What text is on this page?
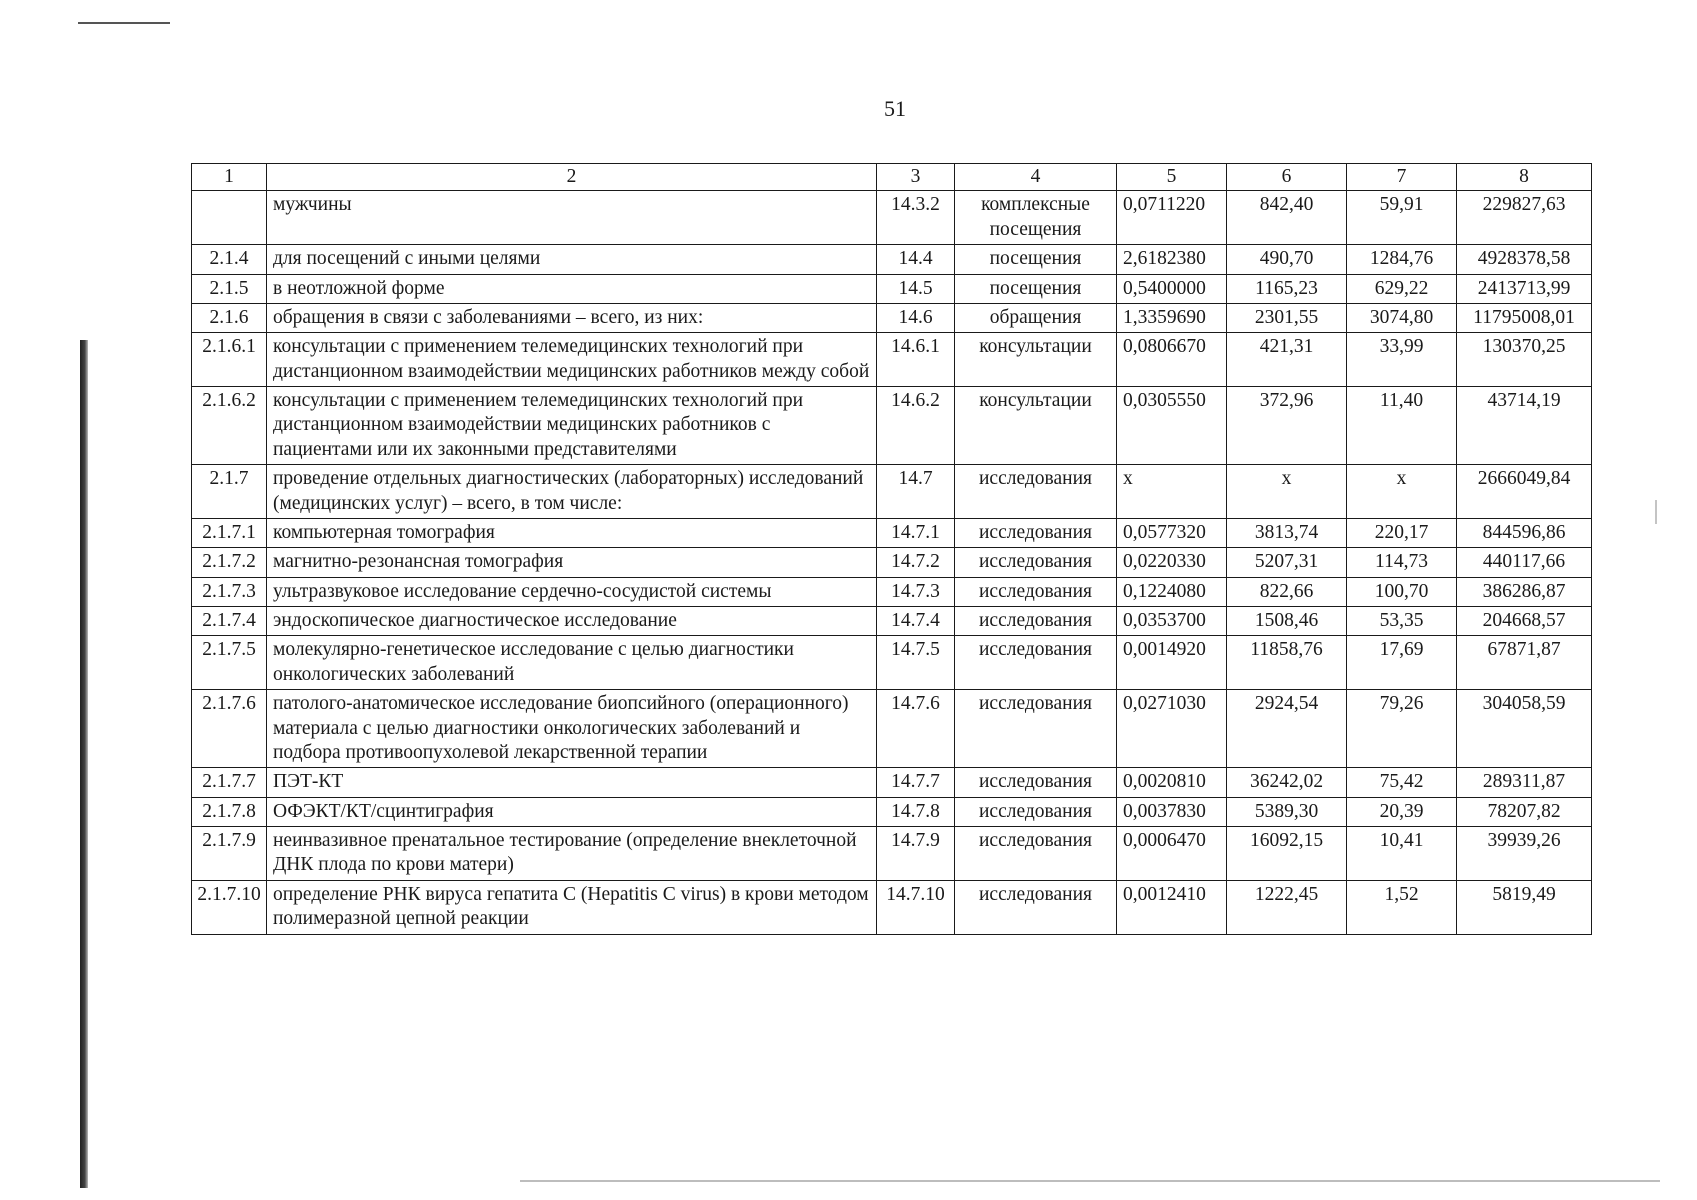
51
1	2	3	4	5	6	7	8
	мужчины	14.3.2	комплексные посещения	0,0711220	842,40	59,91	229827,63
2.1.4	для посещений с иными целями	14.4	посещения	2,6182380	490,70	1284,76	4928378,58
2.1.5	в неотложной форме	14.5	посещения	0,5400000	1165,23	629,22	2413713,99
2.1.6	обращения в связи с заболеваниями – всего, из них:	14.6	обращения	1,3359690	2301,55	3074,80	11795008,01
2.1.6.1	консультации с применением телемедицинских технологий при дистанционном взаимодействии медицинских работников между собой	14.6.1	консультации	0,0806670	421,31	33,99	130370,25
2.1.6.2	консультации с применением телемедицинских технологий при дистанционном взаимодействии медицинских работников с пациентами или их законными представителями	14.6.2	консультации	0,0305550	372,96	11,40	43714,19
2.1.7	проведение отдельных диагностических (лабораторных) исследований (медицинских услуг) – всего, в том числе:	14.7	исследования	х	х	х	2666049,84
2.1.7.1	компьютерная томография	14.7.1	исследования	0,0577320	3813,74	220,17	844596,86
2.1.7.2	магнитно-резонансная томография	14.7.2	исследования	0,0220330	5207,31	114,73	440117,66
2.1.7.3	ультразвуковое исследование сердечно-сосудистой системы	14.7.3	исследования	0,1224080	822,66	100,70	386286,87
2.1.7.4	эндоскопическое диагностическое исследование	14.7.4	исследования	0,0353700	1508,46	53,35	204668,57
2.1.7.5	молекулярно-генетическое исследование с целью диагностики онкологических заболеваний	14.7.5	исследования	0,0014920	11858,76	17,69	67871,87
2.1.7.6	патолого-анатомическое исследование биопсийного (операционного) материала с целью диагностики онкологических заболеваний и подбора противоопухолевой лекарственной терапии	14.7.6	исследования	0,0271030	2924,54	79,26	304058,59
2.1.7.7	ПЭТ-КТ	14.7.7	исследования	0,0020810	36242,02	75,42	289311,87
2.1.7.8	ОФЭКТ/КТ/сцинтиграфия	14.7.8	исследования	0,0037830	5389,30	20,39	78207,82
2.1.7.9	неинвазивное пренатальное тестирование (определение внеклеточной ДНК плода по крови матери)	14.7.9	исследования	0,0006470	16092,15	10,41	39939,26
2.1.7.10	определение РНК вируса гепатита С (Hepatitis C virus) в крови методом полимеразной цепной реакции	14.7.10	исследования	0,0012410	1222,45	1,52	5819,49
